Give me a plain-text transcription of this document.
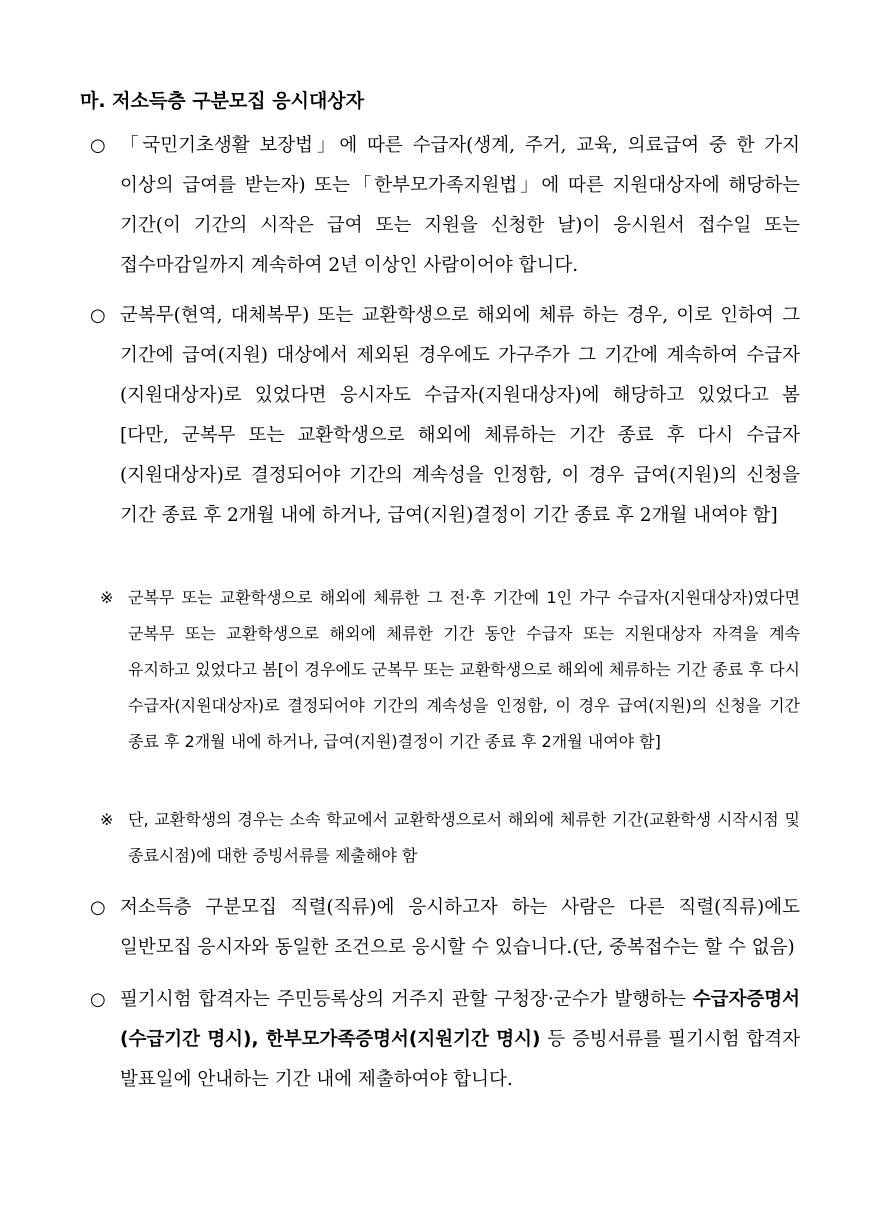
마. 저소득층 구분모집 응시대상자
○ 「국민기초생활 보장법」에 따른 수급자(생계, 주거, 교육, 의료급여 중 한 가지 이상의 급여를 받는자) 또는「한부모가족지원법」에 따른 지원대상자에 해당하는 기간(이 기간의 시작은 급여 또는 지원을 신청한 날)이 응시원서 접수일 또는 접수마감일까지 계속하여 2년 이상인 사람이어야 합니다.
○ 군복무(현역, 대체복무) 또는 교환학생으로 해외에 체류 하는 경우, 이로 인하여 그 기간에 급여(지원) 대상에서 제외된 경우에도 가구주가 그 기간에 계속하여 수급자(지원대상자)로 있었다면 응시자도 수급자(지원대상자)에 해당하고 있었다고 봄[다만, 군복무 또는 교환학생으로 해외에 체류하는 기간 종료 후 다시 수급자(지원대상자)로 결정되어야 기간의 계속성을 인정함, 이 경우 급여(지원)의 신청을 기간 종료 후 2개월 내에 하거나, 급여(지원)결정이 기간 종료 후 2개월 내여야 함]
※ 군복무 또는 교환학생으로 해외에 체류한 그 전·후 기간에 1인 가구 수급자(지원대상자)였다면 군복무 또는 교환학생으로 해외에 체류한 기간 동안 수급자 또는 지원대상자 자격을 계속 유지하고 있었다고 봄[이 경우에도 군복무 또는 교환학생으로 해외에 체류하는 기간 종료 후 다시 수급자(지원대상자)로 결정되어야 기간의 계속성을 인정함, 이 경우 급여(지원)의 신청을 기간 종료 후 2개월 내에 하거나, 급여(지원)결정이 기간 종료 후 2개월 내여야 함]
※ 단, 교환학생의 경우는 소속 학교에서 교환학생으로서 해외에 체류한 기간(교환학생 시작시점 및 종료시점)에 대한 증빙서류를 제출해야 함
○ 저소득층 구분모집 직렬(직류)에 응시하고자 하는 사람은 다른 직렬(직류)에도 일반모집 응시자와 동일한 조건으로 응시할 수 있습니다.(단, 중복접수는 할 수 없음)
○ 필기시험 합격자는 주민등록상의 거주지 관할 구청장·군수가 발행하는 수급자증명서(수급기간 명시), 한부모가족증명서(지원기간 명시) 등 증빙서류를 필기시험 합격자 발표일에 안내하는 기간 내에 제출하여야 합니다.
